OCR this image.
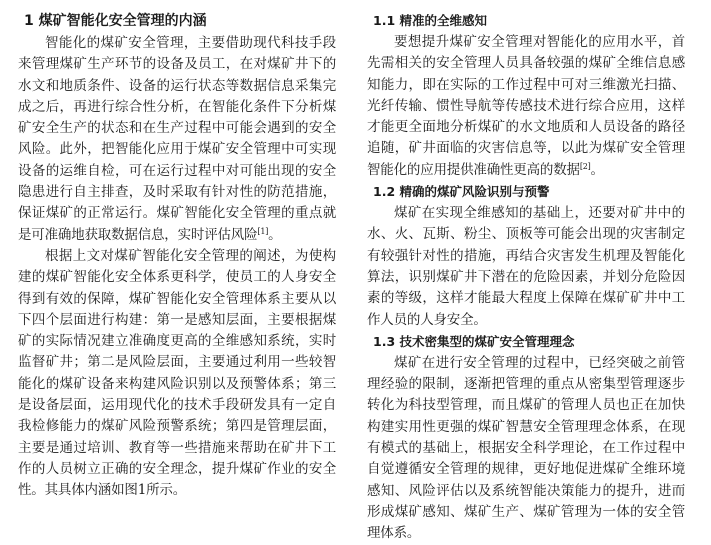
1 煤矿智能化安全管理的内涵

智能化的煤矿安全管理，主要借助现代科技手段来管理煤矿生产环节的设备及员工，在对煤矿井下的水文和地质条件、设备的运行状态等数据信息采集完成之后，再进行综合性分析，在智能化条件下分析煤矿安全生产的状态和在生产过程中可能会遇到的安全风险。此外，把智能化应用于煤矿安全管理中可实现设备的运维自检，可在运行过程中对可能出现的安全隐患进行自主排查，及时采取有针对性的防范措施，保证煤矿的正常运行。煤矿智能化安全管理的重点就是可准确地获取数据信息，实时评估风险[1]。

根据上文对煤矿智能化安全管理的阐述，为使构建的煤矿智能化安全体系更科学，使员工的人身安全得到有效的保障，煤矿智能化安全管理体系主要从以下四个层面进行构建：第一是感知层面，主要根据煤矿的实际情况建立准确度更高的全维感知系统，实时监督矿井；第二是风险层面，主要通过利用一些较智能化的煤矿设备来构建风险识别以及预警体系；第三是设备层面，运用现代化的技术手段研发具有一定自我检修能力的煤矿风险预警系统；第四是管理层面，主要是通过培训、教育等一些措施来帮助在矿井下工作的人员树立正确的安全理念，提升煤矿作业的安全性。其具体内涵如图1所示。

1.1 精准的全维感知

要想提升煤矿安全管理对智能化的应用水平，首先需相关的安全管理人员具备较强的煤矿全维信息感知能力，即在实际的工作过程中可对三维激光扫描、光纤传输、惯性导航等传感技术进行综合应用，这样才能更全面地分析煤矿的水文地质和人员设备的路径追随，矿井面临的灾害信息等，以此为煤矿安全管理智能化的应用提供准确性更高的数据[2]。

1.2 精确的煤矿风险识别与预警

煤矿在实现全维感知的基础上，还要对矿井中的水、火、瓦斯、粉尘、顶板等可能会出现的灾害制定有较强针对性的措施，再结合灾害发生机理及智能化算法，识别煤矿井下潜在的危险因素，并划分危险因素的等级，这样才能最大程度上保障在煤矿矿井中工作人员的人身安全。

1.3 技术密集型的煤矿安全管理理念

煤矿在进行安全管理的过程中，已经突破之前管理经验的限制，逐渐把管理的重点从密集型管理逐步转化为科技型管理，而且煤矿的管理人员也正在加快构建实用性更强的煤矿智慧安全管理理念体系，在现有模式的基础上，根据安全科学理论，在工作过程中自觉遵循安全管理的规律，更好地促进煤矿全维环境感知、风险评估以及系统智能决策能力的提升，进而形成煤矿感知、煤矿生产、煤矿管理为一体的安全管理体系。
